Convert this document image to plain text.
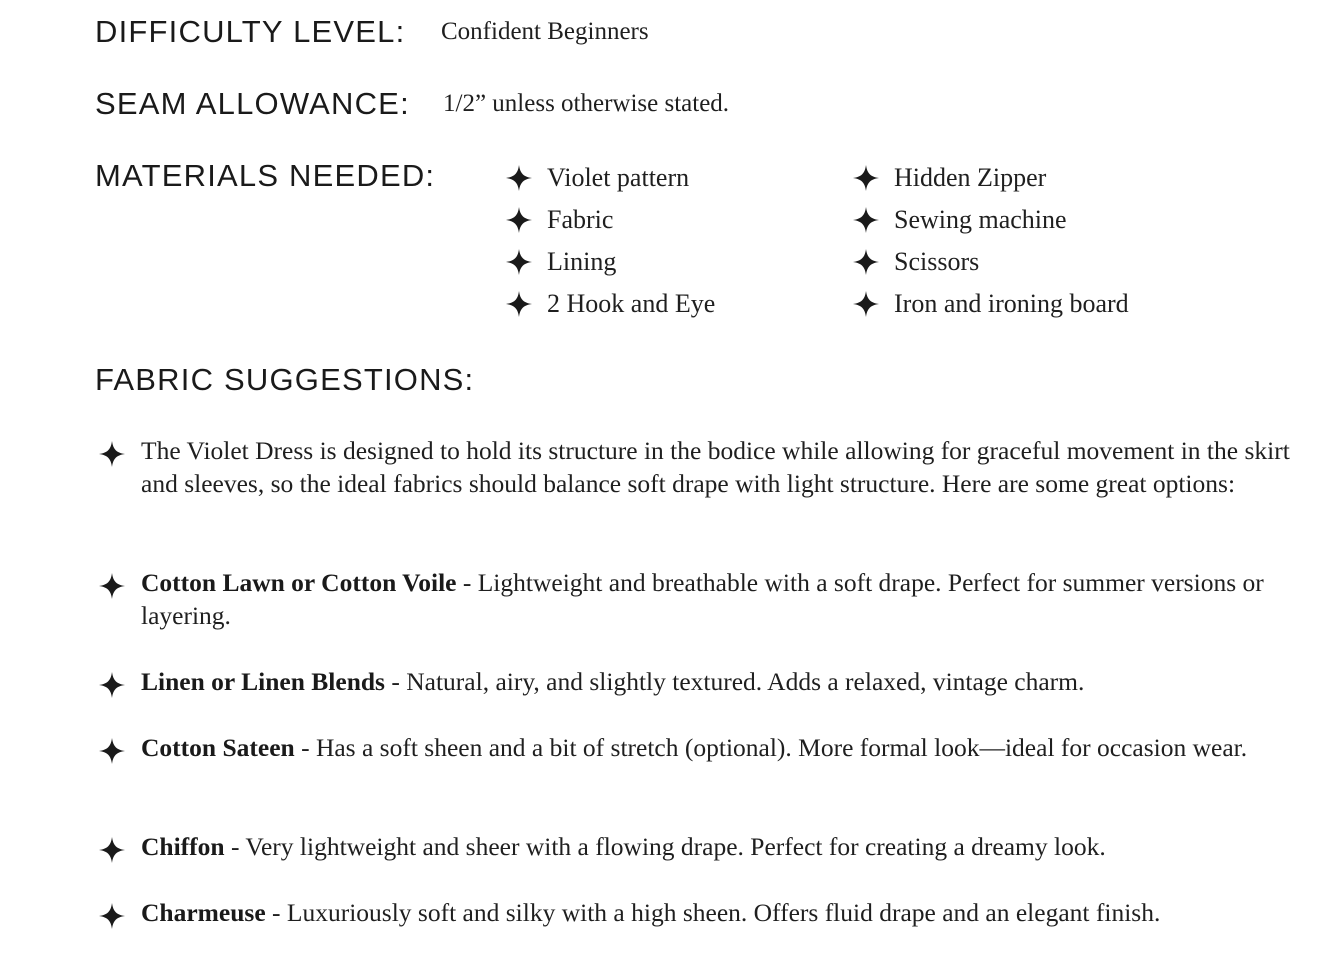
DIFFICULTY LEVEL: Confident Beginners
SEAM ALLOWANCE: 1/2” unless otherwise stated.
MATERIALS NEEDED:	Violet pattern
Fabric
Lining
2 Hook and Eye
Hidden Zipper
Sewing machine
Scissors
Iron and ironing board
FABRIC SUGGESTIONS:
The Violet Dress is designed to hold its structure in the bodice while allowing for graceful movement in the skirt and sleeves, so the ideal fabrics should balance soft drape with light structure. Here are some great options:
Cotton Lawn or Cotton Voile - Lightweight and breathable with a soft drape. Perfect for summer versions or layering.
Linen or Linen Blends - Natural, airy, and slightly textured. Adds a relaxed, vintage charm.
Cotton Sateen - Has a soft sheen and a bit of stretch (optional). More formal look—ideal for occasion wear.
Chiffon - Very lightweight and sheer with a flowing drape. Perfect for creating a dreamy look.
Charmeuse - Luxuriously soft and silky with a high sheen. Offers fluid drape and an elegant finish.
